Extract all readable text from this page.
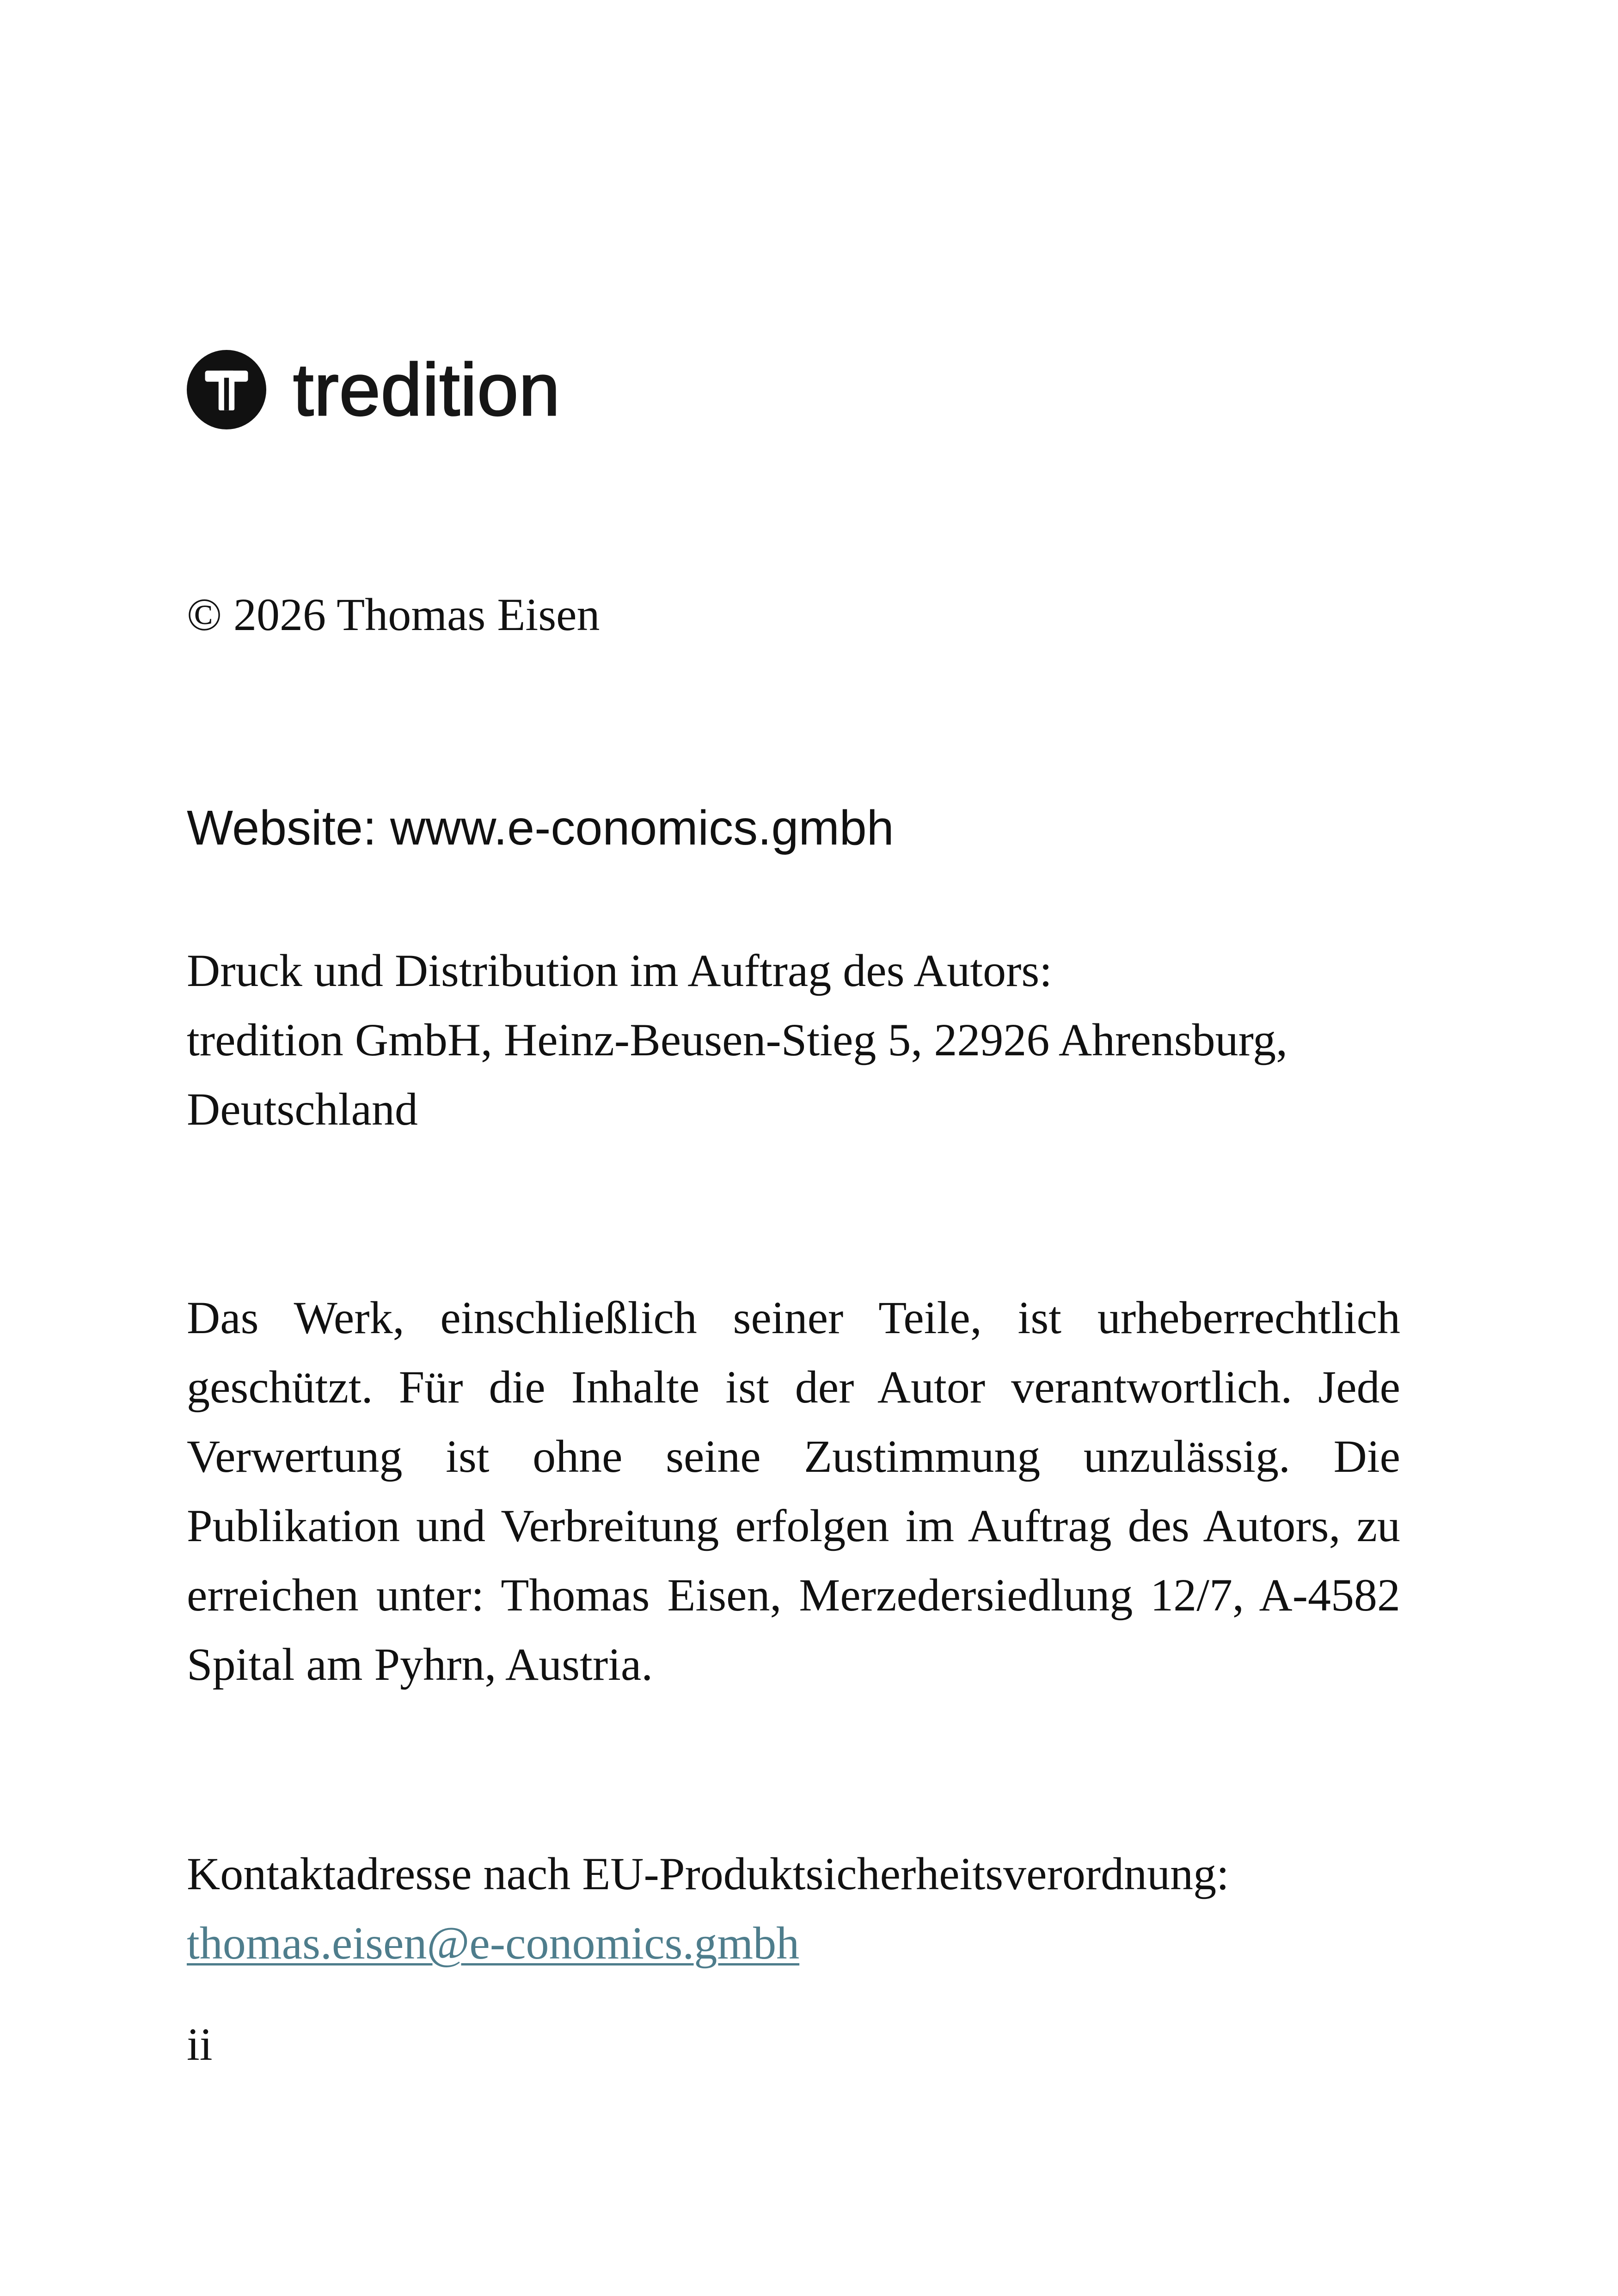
tredition
© 2026 Thomas Eisen
Website: www.e-conomics.gmbh
Druck und Distribution im Auftrag des Autors:
tredition GmbH, Heinz-Beusen-Stieg 5, 22926 Ahrensburg,
Deutschland
Das Werk, einschließlich seiner Teile, ist urheberrechtlich
geschützt. Für die Inhalte ist der Autor verantwortlich. Jede
Verwertung ist ohne seine Zustimmung unzulässig. Die
Publikation und Verbreitung erfolgen im Auftrag des Autors, zu
erreichen unter: Thomas Eisen, Merzedersiedlung 12/7, A-4582
Spital am Pyhrn, Austria.
Kontaktadresse nach EU-Produktsicherheitsverordnung:
thomas.eisen@e-conomics.gmbh
ii
